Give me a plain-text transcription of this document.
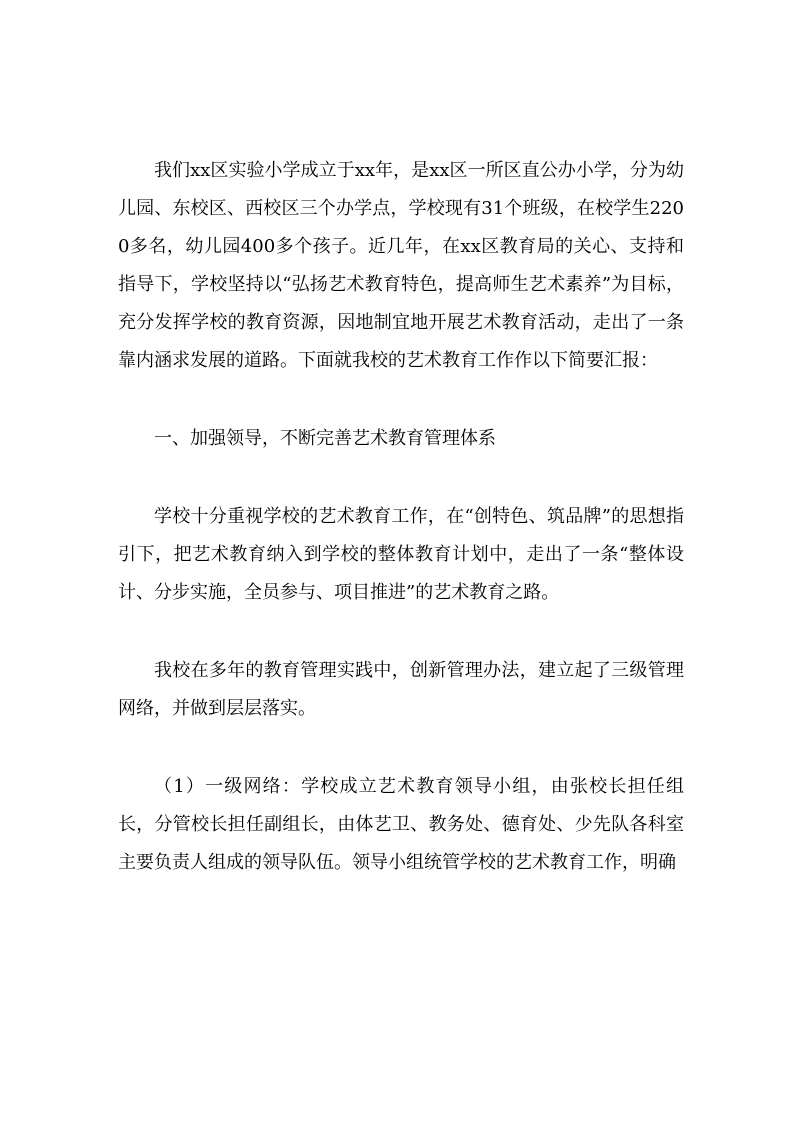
我们xx区实验小学成立于xx年，是xx区一所区直公办小学，分为幼儿园、东校区、西校区三个办学点，学校现有31个班级，在校学生2200多名，幼儿园400多个孩子。近几年，在xx区教育局的关心、支持和指导下，学校坚持以“弘扬艺术教育特色，提高师生艺术素养”为目标，充分发挥学校的教育资源，因地制宜地开展艺术教育活动，走出了一条靠内涵求发展的道路。下面就我校的艺术教育工作作以下简要汇报：

一、加强领导，不断完善艺术教育管理体系

学校十分重视学校的艺术教育工作，在“创特色、筑品牌”的思想指引下，把艺术教育纳入到学校的整体教育计划中，走出了一条“整体设计、分步实施，全员参与、项目推进”的艺术教育之路。

我校在多年的教育管理实践中，创新管理办法，建立起了三级管理网络，并做到层层落实。

（1）一级网络：学校成立艺术教育领导小组，由张校长担任组长，分管校长担任副组长，由体艺卫、教务处、德育处、少先队各科室主要负责人组成的领导队伍。领导小组统管学校的艺术教育工作，明确
